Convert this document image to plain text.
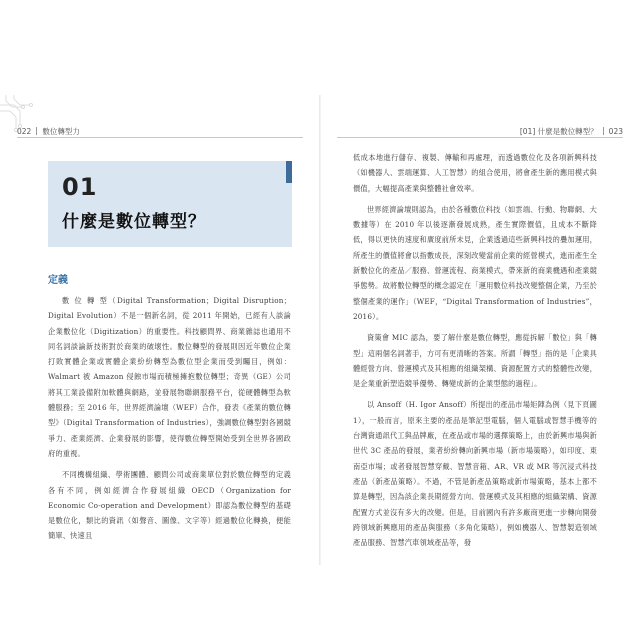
022 數位轉型力	[01] 什麼是數位轉型？ 023
01
什麼是數位轉型？
定義

數 位 轉 型（Digital Transformation；Digital Disruption；Digital Evolution）不是一個新名詞，從 2011 年開始，已經有人談論企業數位化（Digitization）的重要性。科技顧問界、商業雜誌也通用不同名詞談論新技術對於商業的破壞性。數位轉型的發展則因近年數位企業打敗實體企業或實體企業紛紛轉型為數位型企業而受到矚目，例如：Walmart 被 Amazon 侵蝕市場而積極擁抱數位轉型；奇異（GE）公司將其工業設備附加軟體與網路，並發展物聯網服務平台，從硬體轉型為軟體服務；至 2016 年，世界經濟論壇（WEF）合作，發表《產業的數位轉型》（Digital Transformation of Industries），強調數位轉型對各國競爭力、產業經濟、企業發展的影響，使得數位轉型開始受到全世界各國政府的重視。

不同機構組織、學術團體、顧問公司或商業單位對於數位轉型的定義各有不同，例如經濟合作發展組織 OECD（Organization for Economic Co-operation and Development）即認為數位轉型的基礎是數位化，類比的資訊（如聲音、圖像、文字等）經過數位化轉換，便能簡單、快速且

低成本地進行儲存、複製、傳輸和再處理，而透過數位化及各項新興科技（如機器人、雲端運算、人工智慧）的組合使用，將會產生新的應用模式與價值，大幅提高產業與整體社會效率。

世界經濟論壇則認為，由於各種數位科技（如雲端、行動、物聯網、大數據等）在 2010 年以後逐漸發展成熟，產生實際價值，且成本不斷降低，得以更快的速度和廣度前所未見，企業透過這些新興科技的疊加運用，所產生的價值將會以指數成長，深刻改變當前企業的經營模式，進而產生全新數位化的產品／服務、營運流程、商業模式，帶來新的商業機遇和產業競爭態勢。故將數位轉型的概念認定在「運用數位科技改變整個企業，乃至於整個產業的運作」（WEF，“Digital Transformation of Industries”，2016）。

資策會 MIC 認為，要了解什麼是數位轉型，應從拆解「數位」與「轉型」這兩個名詞著手，方可有更清晰的答案。所謂「轉型」指的是「企業具體經營方向、營運模式及其相應的組織架構、資源配置方式的整體性改變，是企業重新塑造競爭優勢、轉變成新的企業型態的過程」。

以 Ansoff（H. Igor Ansoff）所提出的產品市場矩陣為例（見下頁圖1），一般而言，原來主要的產品是筆記型電腦，個人電腦或智慧手機等的台灣資通訊代工與品牌廠，在產品或市場的選擇策略上，由於新興市場與新世代 3C 產品的發展，業者紛紛轉向新興市場（新市場策略），如印度、東南亞市場；或者發展智慧穿戴、智慧音箱、AR、VR 或 MR 等沉浸式科技產品（新產品策略）。不過，不管是新產品策略或新市場策略，基本上都不算是轉型，因為該企業長期經營方向、營運模式及其相應的組織架構、資源配置方式並沒有多大的改變。但是，目前國內有許多廠商更進一步轉向開發跨領域新興應用的產品與服務（多角化策略），例如機器人、智慧製造領域產品服務、智慧汽車領域產品等，發
